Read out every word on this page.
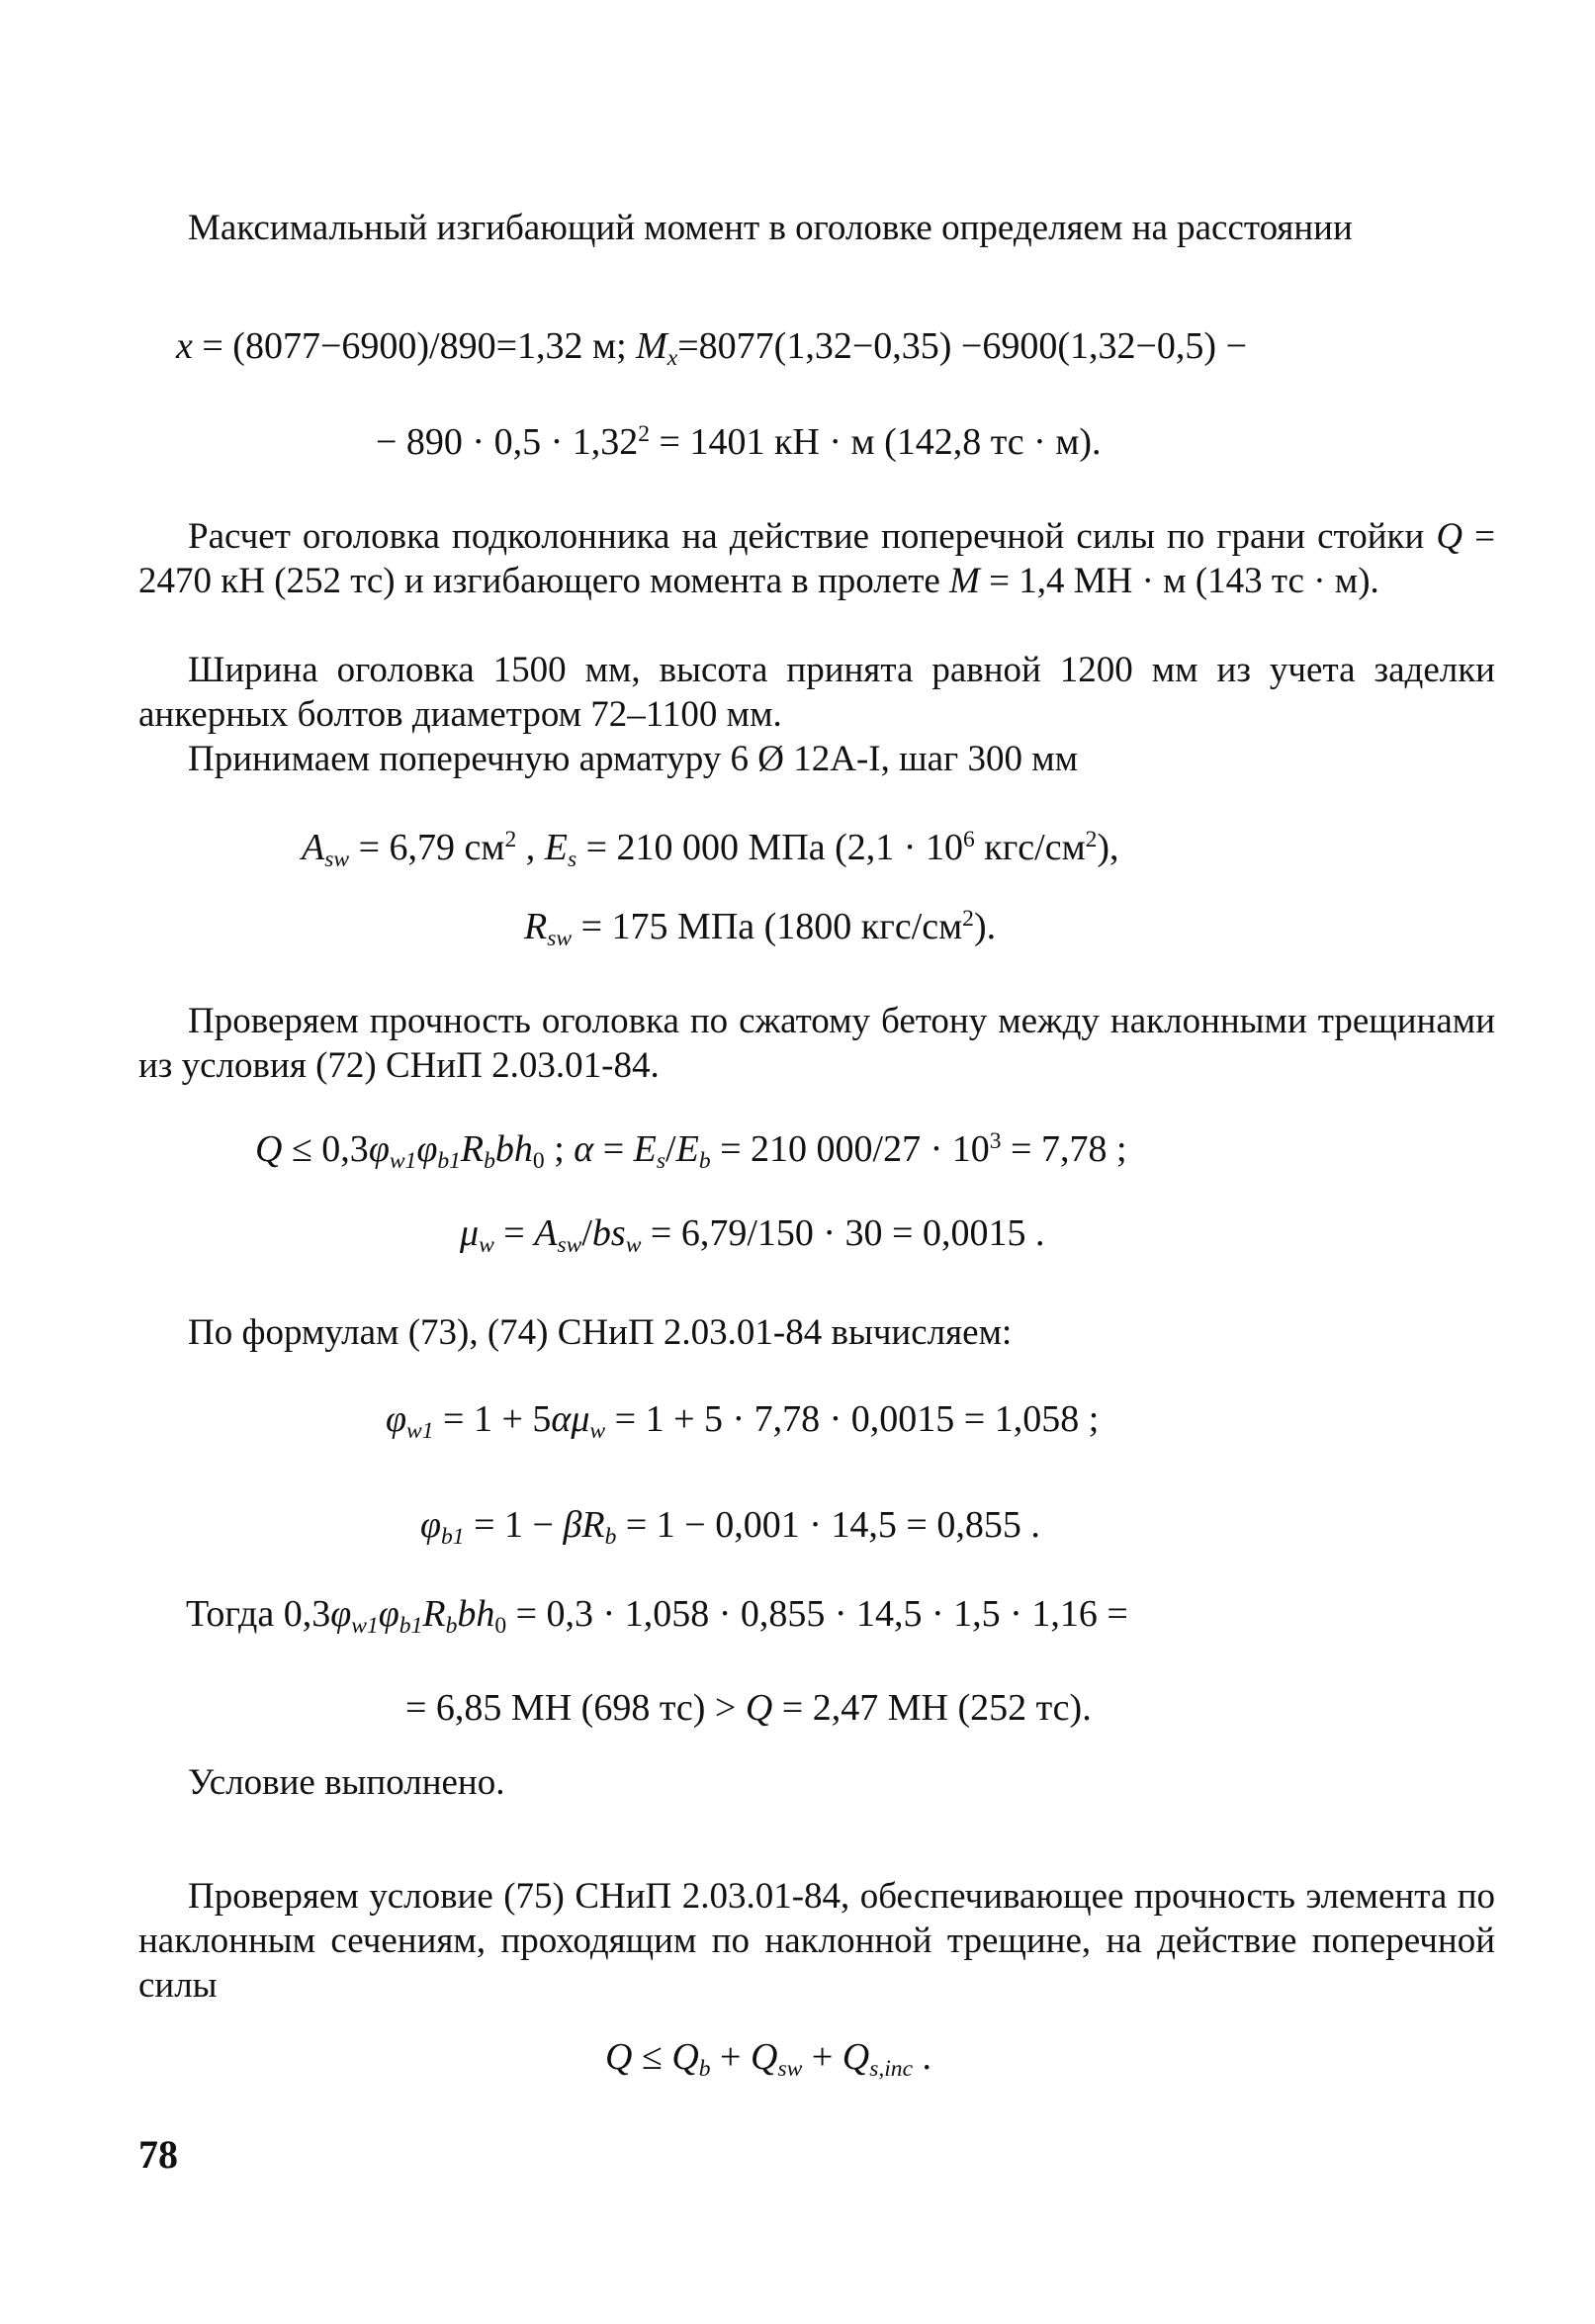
Максимальный изгибающий момент в оголовке определяем на расстоянии

x = (8077−6900)/890=1,32 м; $M_x=8077(1,32-0,35) -6900(1,32-0,5)$ −
− $890 \cdot 0,5 \cdot 1,32^2 = 1401$ кН · м (142,8 тс · м).

Расчет оголовка подколонника на действие поперечной силы по грани стойки Q = 2470 кН (252 тс) и изгибающего момента в пролете M = 1,4 МН · м (143 тс · м).

Ширина оголовка 1500 мм, высота принята равной 1200 мм из учета заделки анкерных болтов диаметром 72–1100 мм.

Принимаем поперечную арматуру 6 Ø 12А-I, шаг 300 мм

$A_{sw} = 6,79$ $см^2$ , $E_s = 210$ 000 МПа ($2,1 \cdot 10^6$ кгс/$см^2$),
$R_{sw} = 175$ МПа (1800 кгс/$см^2$).

Проверяем прочность оголовка по сжатому бетону между наклонными трещинами из условия (72) СНиП 2.03.01-84.

$Q \le 0,3\varphi_{w1}\varphi_{b1}R_bbh_0$ ; $\alpha = E_s/E_b = 210$ $000/27 \cdot 10^3 = 7,78$ ;
$\mu_w = A_{sw}/bs_w = 6,79/150 \cdot 30 = 0,0015$ .

По формулам (73), (74) СНиП 2.03.01-84 вычисляем:

$\varphi_{w1} = 1 + 5\alpha\mu_w = 1 + 5 \cdot 7,78 \cdot 0,0015 = 1,058$ ;
$\varphi_{b1} = 1 - \beta R_b = 1 - 0,001 \cdot 14,5 = 0,855$ .
Тогда $0,3\varphi_{w1}\varphi_{b1}R_bbh_0 = 0,3 \cdot 1,058 \cdot 0,855 \cdot 14,5 \cdot 1,5 \cdot 1,16$ =
= 6,85 МН (698 тс) > Q = 2,47 МН (252 тс).

Условие выполнено.

Проверяем условие (75) СНиП 2.03.01-84, обеспечивающее прочность элемента по наклонным сечениям, проходящим по наклонной трещине, на действие поперечной силы

$Q \le Q_b + Q_{sw} + Q_{s,inc}$ .
78
